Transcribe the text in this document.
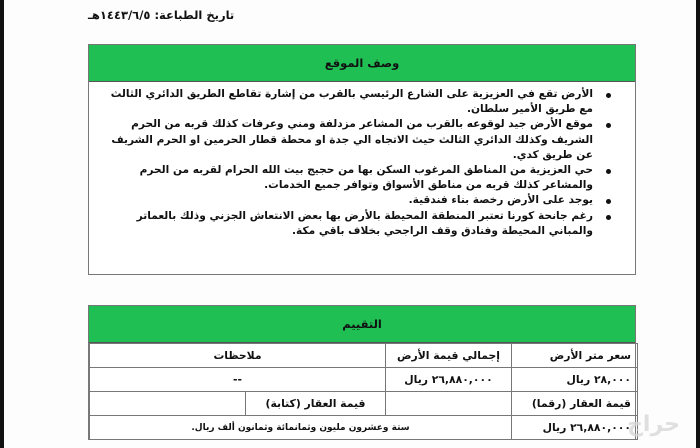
تاريخ الطباعة: ١٤٤٣/٦/٥هـ
وصف الموقع
الأرض تقع في العزيزية على الشارع الرئيسي بالقرب من إشارة تقاطع الطريق الدائري الثالث مع طريق الأمير سلطان.
موقع الأرض جيد لوقوعه بالقرب من المشاعر مزدلفة ومني وعرفات كذلك قربه من الحرم الشريف وكذلك الدائري الثالث حيث الاتجاه الي جدة او محطة قطار الحرمين او الحرم الشريف عن طريق كدي.
حي العزيزية من المناطق المرغوب السكن بها من حجيج بيت الله الحرام لقربه من الحرم والمشاعر كذلك قربه من مناطق الأسواق وتوافر جميع الخدمات.
يوجد على الأرض رخصة بناء فندقية.
رغم جانحة كورنا تعتبر المنطقة المحيطة بالأرض بها بعض الانتعاش الجزني وذلك بالعماتر والمباني المحيطة وفنادق وقف الراجحي بخلاف باقي مكة.
التقييم
سعر متر الأرض	إجمالي قيمة الأرض	ملاحظات	
٢٨,٠٠٠ ريال	٢٦,٨٨٠,٠٠٠ ريال	--	
قيمة العقار (رقما)		قيمة العقار (كتابة)	
٢٦,٨٨٠,٠٠٠ ريال	ستة وعشرون مليون وثمانمائة وثمانون ألف ريال.			حراج
